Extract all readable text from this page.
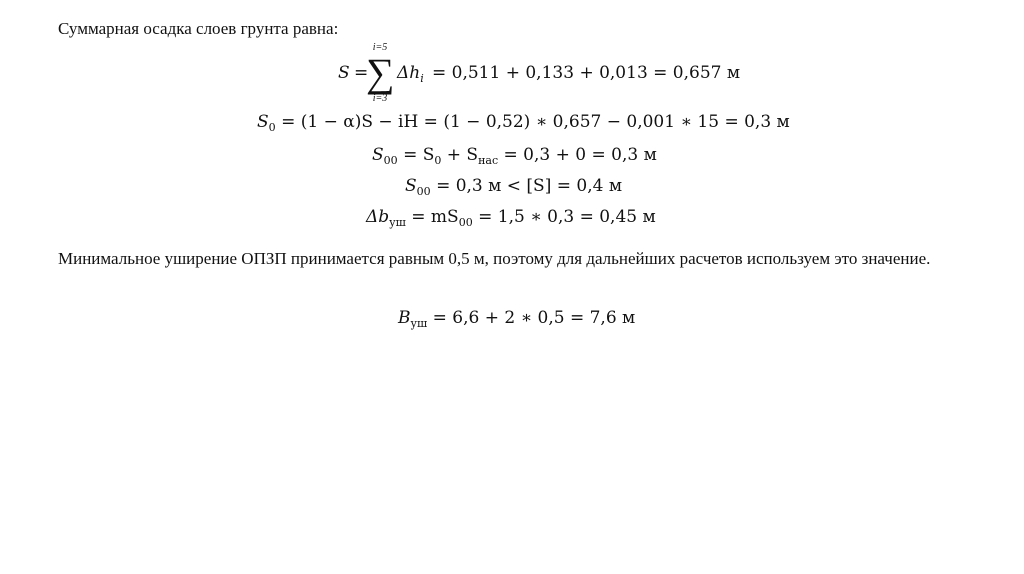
Суммарная осадка слоев грунта равна:
S =
i=5
∑
i=3
$\Delta h_i = 0,511 + 0,133 + 0,013 = 0,657$ м
$S_0 = (1 - \alpha)S$ − iH = (1 − 0,52) ∗ 0,657 − 0,001 ∗ 15 = 0,3 м
$S_{00} = S_0 + S_{нас} = 0,3 + 0 = 0,3$ м
$S_{00} = 0,3$ м < [S] = 0,4 м
$\Delta b_{уш} = mS_{00} = 1,5$ ∗ 0,3 = 0,45 м
Минимальное уширение ОПЗП принимается равным 0,5 м, поэтому для дальнейших расчетов используем это значение.
$B_{уш} = 6,6 + 2$ ∗ 0,5 = 7,6 м
